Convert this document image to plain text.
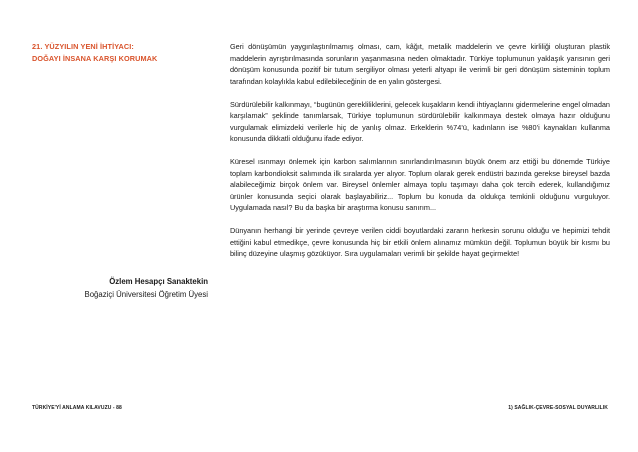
21. YÜZYILIN YENİ İHTİYACI:
DOĞAYI İNSANA KARŞI KORUMAK
Özlem Hesapçı Sanaktekin
Boğaziçi Üniversitesi Öğretim Üyesi

Geri dönüşümün yaygınlaştırılmamış olması, cam, kâğıt, metalik maddelerin ve çevre kirliliği oluşturan plastik maddelerin ayrıştırılmasında sorunların yaşanmasına neden olmaktadır. Türkiye toplumunun yaklaşık yarısının geri dönüşüm konusunda pozitif bir tutum sergiliyor olması yeterli altyapı ile verimli bir geri dönüşüm sisteminin toplum tarafından kolaylıkla kabul edilebileceğinin de en yalın göstergesi.

Sürdürülebilir kalkınmayı, “bugünün gerekliliklerini, gelecek kuşakların kendi ihtiyaçlarını gidermelerine engel olmadan karşılamak” şeklinde tanımlarsak, Türkiye toplumunun sürdürülebilir kalkınmaya destek olmaya hazır olduğunu vurgulamak elimizdeki verilerle hiç de yanlış olmaz. Erkeklerin %74’ü, kadınların ise %80’i kaynakları kullanma konusunda dikkatli olduğunu ifade ediyor.

Küresel ısınmayı önlemek için karbon salımlarının sınırlandırılmasının büyük önem arz ettiği bu dönemde Türkiye toplam karbondioksit salımında ilk sıralarda yer alıyor. Toplum olarak gerek endüstri bazında gerekse bireysel bazda alabileceğimiz birçok önlem var. Bireysel önlemler almaya toplu taşımayı daha çok tercih ederek, kullandığımız ürünler konusunda seçici olarak başlayabiliriz... Toplum bu konuda da oldukça temkinli olduğunu vurguluyor. Uygulamada nasıl? Bu da başka bir araştırma konusu sanırım...

Dünyanın herhangi bir yerinde çevreye verilen ciddi boyutlardaki zararın herkesin sorunu olduğu ve hepimizi tehdit ettiğini kabul etmedikçe, çevre konusunda hiç bir etkili önlem alınamız mümkün değil. Toplumun büyük bir kısmı bu bilinç düzeyine ulaşmış gözüküyor. Sıra uygulamaları verimli bir şekilde hayat geçirmekte!

TÜRKİYE'Yİ ANLAMA KILAVUZU - 88	1) SAĞLIK-ÇEVRE-SOSYAL DUYARLILIK
